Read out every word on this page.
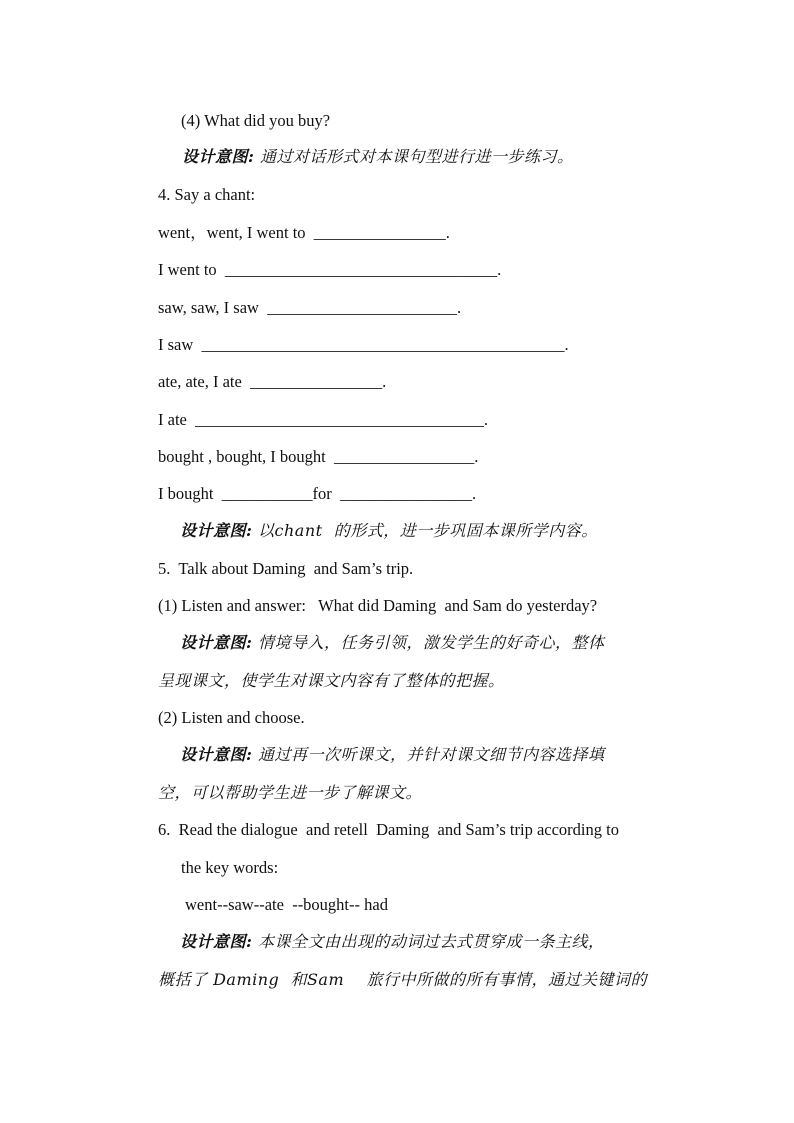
(4) What did you buy?
设计意图: 通过对话形式对本课句型进行进一步练习。
4. Say a chant:
went，went, I went to  ________________.
I went to  _________________________________.
saw, saw, I saw  _______________________.
I saw  ____________________________________________.
ate, ate, I ate  ________________.
I ate  ___________________________________.
bought , bought, I bought  _________________.
I bought  ___________for  ________________.
设计意图: 以chant  的形式，进一步巩固本课所学内容。
5.  Talk about Daming  and Sam’s trip.
(1) Listen and answer:   What did Daming  and Sam do yesterday?
设计意图: 情境导入，任务引领，激发学生的好奇心，整体
呈现课文，使学生对课文内容有了整体的把握。
(2) Listen and choose.
设计意图: 通过再一次听课文，并针对课文细节内容选择填
空，可以帮助学生进一步了解课文。
6.  Read the dialogue  and retell  Daming  and Sam’s trip according to
the key words:
went--saw--ate  --bought-- had
设计意图: 本课全文由出现的动词过去式贯穿成一条主线，
概括了 Daming  和Sam    旅行中所做的所有事情，通过关键词的
